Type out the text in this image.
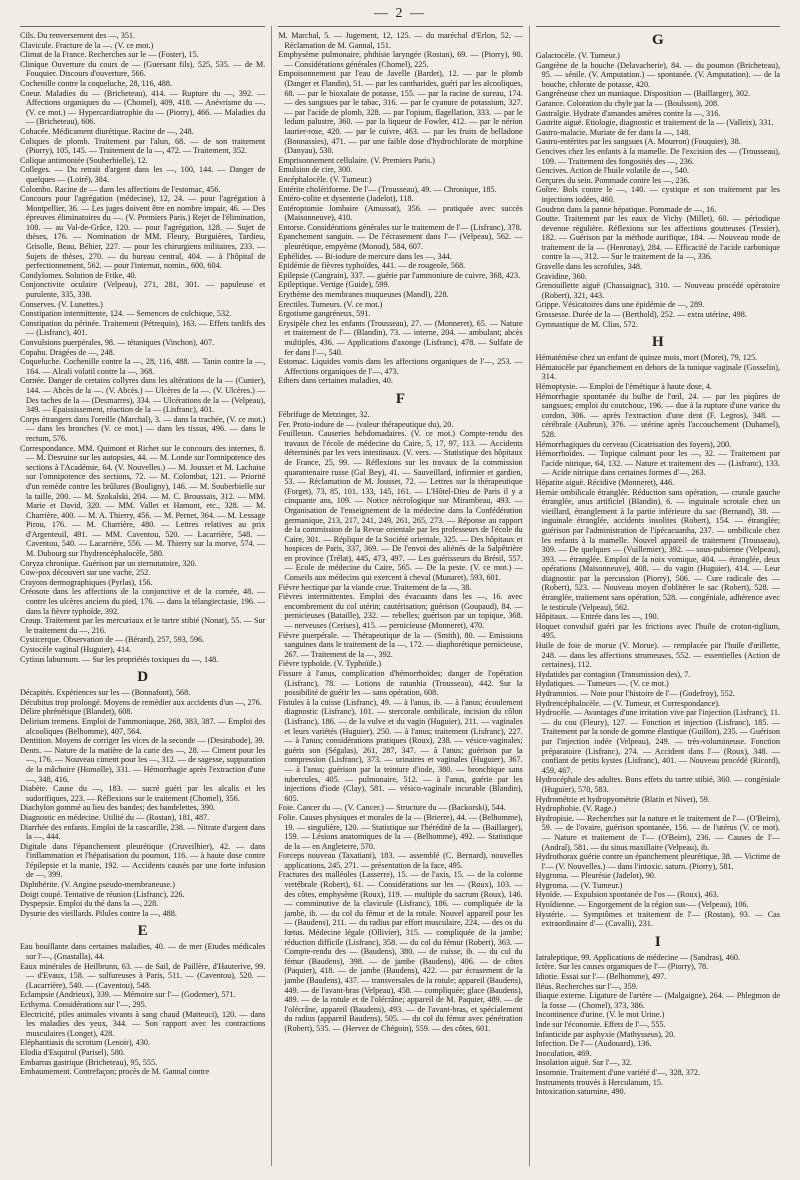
— 2 —

Cils. Du renversement des —, 351.

Clavicule. Fracture de la —. (V. ce mot.)

Climat de la France. Recherches sur le — (Foster), 15.

Clinique Ouverture du cours de — (Guersant fils), 525, 535. — de M. Fouquier. Discours d'ouverture, 566.

Cochenille contre la coqueluche, 28, 116, 488.

Coeur. Maladies du — (Bricheteau), 414. — Rupture du —, 392. — Affections organiques du — (Chomel), 409, 418. — Anévrisme du —. (V. ce mot.) — Hypercardiatrophie du — (Piorry), 466. — Maladies du — (Bricheteau), 606.

Cohacée. Médicament diurétique. Racine de —, 248.

Coliques de plomb. Traitement par l'alun, 68. — de son traitement (Piorry), 105, 145. — Traitement de la —, 472. — Traitement, 352.

Colique antimoniée (Souberbielle), 12.

Colleges. — Du retrait d'argent dans les —, 100, 144. — Danger de quelques — (Loiré), 384.

Colombo. Racine de — dans les affections de l'estomac, 456.

Concours pour l'agrégation (médecine), 12, 24. — pour l'agrégation à Montpellier, 36. — Les juges doivent être en nombre impair, 46. — Des épreuves éliminatoires du —. (V. Premiers Paris.) Rejet de l'élimination, 108. — au Val-de-Grâce, 120. — pour l'agrégation, 128. — Sujet de thèses, 176. — Nomination de MM. Fleury, Burguières, Tardieu, Grisolle, Beau, Béhier, 227. — pour les chirurgiens militaires, 233. — Sujets de thèses, 270. — du bureau central, 404. — à l'hôpital de perfectionnement, 562. — pour l'internat, nomin., 600, 604.

Condylomes. Solution de Frike, 40.

Conjonctivite oculaire (Velpeau), 271, 281, 301. — papuleuse et purulente, 335, 338.

Conserves. (V. Lunettes.)

Constipation intermittente, 124. — Semences de colchique, 532.

Constipation du périnée. Traitement (Pétrequin), 163. — Effets tardifs des — (Lisfranc), 401.

Convulsions puerpérales, 98. — tétaniques (Vinchon), 407.

Copahu. Dragées de —, 248.

Coqueluche. Cochenille contre la —, 28, 116, 488. — Tanin contre la —, 164. — Alcali volatil contre la —, 368.

Cornée. Danger de certains collyres dans les altérations de la — (Cunier), 144. — Abcès de la —. (V. Abcès.) — Ulcères de la —. (V. Ulcères.) — Des taches de la — (Desmarres), 334. — Ulcérations de la — (Velpeau), 349. — Epaississement, réaction de la — (Lisfranc), 401.

Corps étrangers dans l'oreille (Marchal), 3. — dans la trachée, (V. ce mot.) — dans les bronches (V. ce mot.) — dans les tissus, 496. — dans le rectum, 576.

Correspondance. MM. Quimont et Richet sur le concours des internes, 8. — M. Desruine sur les autopsies, 44. — M. Londe sur l'omnipotence des sections à l'Académie, 64. (V. Nouvelles.) — M. Jousset et M. Lachaise sur l'omnipotence des sections, 72. — M. Colombat, 121. — Priorité d'un remède contre les brûlures (Bouligny), 146. — M. Souberbielle sur la taille, 200. — M. Szokalski, 204. — M. C. Broussais, 312. — MM. Marie et David, 320. — MM. Vallet et Hamont, etc., 328. — M. Charrière, 400. — M. A. Thierry, 456. — M. Pernet, 364. — M. Lessage Pirou, 176. — M. Charrière, 480. — Lettres relatives au prix d'Argenteuil, 491. — MM. Caventou, 520. — Lacarrière, 548. — Caventou, 540. — Lacarrière, 556. — M. Thierry sur la morve, 574. — M. Dubourg sur l'hydrencéphalocèle, 580.

Coryza chronique. Guérison par un sternutatoire, 320.

Cow-pox découvert sur une vache, 252.

Crayons dermographiques (Pyrlas), 156.

Créosote dans les affections de la conjonctive et de la cornée, 48. — contre les ulcères anciens du pied, 176. — dans la télangiectasie, 196. — dans la fièvre typhoïde, 392.

Croup. Traitement par les mercuriaux et le tartre stibié (Nonat), 55. — Sur le traitement du —, 216.

Cysticerque. Observation de — (Bérard), 257, 593, 596.

Cystocèle vaginal (Huguier), 414.

Cytisus laburnum. — Sur les propriétés toxiques du —, 148.

D

Décapités. Expériences sur les — (Bonnafont), 568.

Décubitus trop prolongé. Moyens de remédier aux accidents d'un —, 276.

Délire phrénétique (Blandet), 608.

Delirium tremens. Emploi de l'ammoniaque, 268, 383, 387. — Emploi des alcooliques (Belhomme), 407, 564.

Dentition. Moyens de corriger les vices de la seconde — (Desirabode), 39.

Dents. — Nature de la matière de la carie des —, 28. — Ciment pour les —, 176. — Nouveau ciment pour les —, 312. — de sagesse, suppuration de la mâchoire (Homolle), 331. — Hémorrhagie après l'extraction d'une —, 348, 416.

Diabète. Cause du —, 183. — sucré guéri par les alcalis et les sudorifiques, 223. — Réflexions sur le traitement (Chomel), 356.

Diachylon gommé au lieu des bandes; des bandelettes, 390.

Diagnostic en médecine. Utilité du — (Rostan), 181, 487.

Diarrhée des enfants. Emploi de la cascarille, 238. — Nitrate d'argent dans la —, 444.

Digitale dans l'épanchement pleurétique (Cruveilhier), 42. — dans l'inflammation et l'hépatisation du poumon, 116. — à haute dose contre l'épilepsie et la manie, 192. — Accidents causés par une forte infusion de —, 399.

Diphthérite. (V. Angine pseudo-membraneuse.)

Doigt coupé. Tentative de réunion (Lisfranc), 226.

Dyspepsie. Emploi du thé dans la —, 228.

Dysurie des vieillards. Pilules contre la —, 488.

E

Eau bouillante dans certaines maladies, 40. — de mer (Etudes médicales sur l'—, (Gnastalla), 44.

Eaux minérales de Heilbrunn, 63. — de Sail, de Paillère, d'Hauterive, 99. — d'Evaux, 158. — sulfureuses à Paris, 511. — (Caventou), 520. — (Lacarrière), 540. — (Caventou), 548.

Eclampsie (Andrieux), 339. — Mémoire sur l'— (Godemer), 571.

Ecthyma. Considérations sur l'—, 295.

Electricité, piles animales vivants à sang chaud (Matteuci), 120. — dans les maladies des yeux, 344. — Son rapport avec les contractions musculaires (Longet), 428.

Eléphantiasis du scrotum (Lenoir), 430.

Elodia d'Esquirol (Parisel), 580.

Embarras gastrique (Bricheteau), 95, 555.

Embaumement. Contrefaçon; procès de M. Gannal contre

M. Marchal, 5. — Jugement, 12, 125. — du maréchal d'Erlon, 52. — Réclamation de M. Gannal, 151.

Emphysème pulmonaire, phthisie laryngée (Rostan), 69. — (Piorry), 90. — Considérations générales (Chomel), 225.

Empoisonnement par l'eau de Javelle (Bardet), 12. — par le plomb (Danger et Flandin), 51. — par les cantharides, guéri par les alcooliques, 68. — par le bioxalate de potasse, 155. — par la racine de sureau, 174. — des sangsues par le tabac, 316. — par le cyanure de potassium, 327. — par l'acide de plomb, 328. — par l'opium, flagellation, 333. — par le ledum palustre, 360. — par la liqueur de Fowler, 412. — par le nérion laurier-rose, 420. — par le cuivre, 463. — par les fruits de belladone (Bonnassies), 471. — par une faible dose d'hydrochlorate de morphine (Danyau), 530.

Emprisonnement cellulaire. (V. Premiers Paris.)

Emulsion de cire, 300.

Encéphalocèle. (V. Tumeur.)

Entérite cholériforme. De l'— (Trousseau), 49. — Chronique, 185.

Entéro-colite et dysenterie (Jadelot), 118.

Entéroptomie lombaire (Amussat), 356. — pratiquée avec succès (Maisonneuve), 410.

Entorse. Considérations générales sur le traitement de l'— (Lisfranc), 378.

Epanchement sanguin. — De l'écrasement dans l'— (Velpeau), 562. — pleurétique, empyème (Monod), 584, 607.

Ephélides. — Bi-iodure de mercure dans les —, 344.

Epidémie de fièvres typhoïdes, 441. — de rougeole, 568.

Epilepsie (Cangrain), 337. — guérie par l'ammoniure de cuivre, 368, 423.

Epileptique. Vertige (Guide), 599.

Erythème des membranes muqueuses (Mandl), 228.

Erectiles. Tumeurs. (V. ce mot.)

Ergotisme gangréneux, 591.

Erysipèle chez les enfants (Trousseau), 27. — (Monneret), 65. — Nature et traitement de l'— (Blandin), 73. — interne, 204. — ambulant; abcès multiples, 436. — Applications d'axonge (Lisfranc), 478. — Sulfate de fer dans l'—, 540.

Estomac. Liquides vomis dans les affections organiques de l'—, 253. — Affections organiques de l'—, 473.

Ethers dans certaines maladies, 40.

F

Fébrifuge de Metzinger, 32.

Fer. Proto-iodure de — (valeur thérapeutique du), 20.

Feuilleton. Causeries hebdomadaires. (V. ce mot.) Compte-rendu des travaux de l'école de médecine du Caire, 5, 17, 97, 113. — Accidents déterminés par les vers intestinaux. (V. vers. — Statistique des hôpitaux de France, 25, 99. — Réflexions sur les travaux de la commission quarantenaire russe (Gal Bey), 41. — Sauveillard, infirmier et gardien, 53. — Réclamation de M. Jousset, 72. — Lettres sur la thérapeutique (Forget), 73, 85, 101, 133, 145, 161. — L'Hôtel-Dieu de Paris il y a cinquante ans, 109. — Notice nécrologique sur Mirambeau, 493. — Organisation de l'enseignement de la médecine dans la Confédération germanique, 213, 217, 241, 249, 261, 265, 273. — Réponse au rapport de la commission de la Revue orientale par les professeurs de l'école du Caire, 301. — Réplique de la Société orientale, 325. — Des hôpitaux et hospices de Paris, 337, 369. — De l'envoi des aliénés de la Salpêtrière en province (Trélat), 445, 473, 497. — Les guérisseurs du Brésil, 557. — Ecole de médecine du Caire, 565. — De la peste. (V. ce mot.) — Conseils aux médecins qui exercent à cheval (Munaret), 593, 601.

Fièvre hectique par la viande crue. Traitement de la —, 38.

Fièvres intermittentes. Emploi des évacuants dans les —, 16. avec encombrement du col utérin; cautérisation; guérison (Goupaud), 84. — pernicieuses (Bataille), 232. — rebelles; guérison par un topique, 368. — nerveuses (Cerises), 415. — pernicieuse (Monneret), 470.

Fièvre puerpérale. — Thérapeutique de la — (Smith), 80. — Emissions sanguines dans le traitement de la —, 172. — diaphorétique pernicieuse, 267. — Traitement de la —, 392.

Fièvre typhoïde. (V. Typhoïde.)

Fissure à l'anus, complication d'hémorrhoïdes; danger de l'opération (Lisfranc), 78. — Lotions de ratanhia (Trousseau), 442. Sur la possibilité de guérir les — sans opération, 608.

Fistules à la cuisse (Lisfranc), 49. — à l'anus, ib. — à l'anus; écoulement diagnostic (Lisfranc), 101. — stercorale ombilicale, incision du côlon (Lisfranc), 186. — de la vulve et du vagin (Huguier), 211. — vaginales et leurs variétés (Huguier), 250. — à l'anus; traitement (Lisfranc), 227. — à l'anus; considérations pratiques (Roux), 238. — vésico-vaginales; guéris son (Ségalas), 261, 287, 347. — à l'anus; guérison par la compression (Lisfranc), 373. — urinaires et vaginales (Huguier), 367. — à l'anus; guérison par la teinture d'iode, 380. — bronchique sans tubercules, 405. — pulmonaire, 512. — à l'anus, guérie par les injections d'iode (Clay), 581. — vésico-vaginale incurable (Blandin), 605.

Foie. Cancer du —. (V. Cancer.) — Structure du — (Backorski), 544.

Folie. Causes physiques et morales de la — (Brierre), 44. — (Belhomme), 19. — singulière, 120. — Statistique sur l'hérédité de la — (Baillarger), 159. — Lésions anatomiques de la — (Belhomme), 492. — Statistique de la — en Angleterre, 570.

Forceps nouveau (Taxatiani), 183. — assemblé (C. Bernard), nouvelles applications, 245, 271. — présentation de la face, 495.

Fractures des malléoles (Lasserre), 15. — de l'axis, 15. — de la colonne vertébrale (Robert), 61. — Considérations sur les — (Roux), 103. — des côtes, emphysème (Roux), 119. — multiple du sacrum (Roux), 146. — comminutive de la clavicule (Lisfranc), 186. — compliquée de la jambe, ib. — du col du fémur et de la rotule. Nouvel appareil pour les — (Baudens), 211. — du radius par effort musculaire, 224. — des os du fœtus. Médecine légale (Ollivier), 315. — compliquée de la jambe; réduction difficile (Lisfranc), 358. — du col du fémur (Robert), 363. — Compte-rendu des — (Baudens), 380. — de cuisse, ib. — du col du fémur (Baudens), 398. — de jambe (Baudens), 406. — de côtes (Paquier), 418. — de jambe (Baudens), 422. — par écrasement de la jambe (Baudens), 437. — transversales de la rotule; appareil (Baudens), 449. — de l'avant-bras (Velpeau), 458. — compliquée; glace (Baudens), 489. — de la rotule et de l'olécrâne; appareil de M. Paquier, 489. — de l'olécrâne, appareil (Baudens), 493. — de l'avant-bras, et spécialement du radius (appareil Baudens), 505. — du col du fémur avec pénétration (Robert), 535. — (Hervez de Chégoin), 559. — des côtes, 601.

G

Galactocèle. (V. Tumeur.)

Gangrène de la bouche (Delavacherie), 84. — du poumon (Bricheteau), 95. — sénile. (V. Amputation.) — spontanée. (V. Amputation). — de la bouche, chlorate de potasse, 420.

Gangréneuse chez un maniaque. Disposition — (Baillarger), 302.

Garance. Coloration du chyle par la — (Boulsson), 208.

Gastralgie. Hydrate d'amandes amères contre la —, 316.

Gastrite aiguë. Etiologie, diagnostic et traitement de la — (Valleix), 331.

Gastro-malacie. Muriate de fer dans la —, 148.

Gastro-entérites par les sangsues (A. Mourron) (Fouquier), 38.

Gencives chez les enfants à la mamelle. De l'excision des — (Trousseau), 109. — Traitement des fongosités des —, 236.

Gencives. Action de l'huile volatile de —, 540.

Gerçures du sein. Pommade contre les —, 236.

Goître. Bols contre le —, 140. — cystique et son traitement par les injections iodées, 460.

Goudron dans la panne hépatique. Pommade de —, 16.

Goutte. Traitement par les eaux de Vichy (Millet), 60. — périodique devenue régulière. Réflexions sur les affections goutteuses (Tessier), 182. — Guérison par la méthode aurifique, 184. — Nouveau mode de traitement de la — (Henrotay), 284. — Efficacité de l'acide carbonique contre la —, 312. — Sur le traitement de la —, 336.

Gravelle dans les scrofules, 348.

Gravidine, 360.

Grenouillette aiguë (Chassaignac), 310. — Nouveau procédé opératoire (Robert), 321, 443.

Grippe. Vésicatoires dans une épidémie de —, 289.

Grossesse. Durée de la — (Berthold), 252. — extra utérine, 498.

Gymnastique de M. Clias, 572.

H

Hématémèse chez un enfant de quinze mois, mort (Moret), 79, 125.

Hématocèle par épanchement en dehors de la tunique vaginale (Gosselin), 314.

Hémoptysie. — Emploi de l'émétique à haute dose, 4.

Hémorrhagie spontanée du bulbe de l'œil, 24. — par les piqûres de sangsues; emploi du coutchouc, 196. — due à la rupture d'une varice du cordon, 306. — après l'extraction d'une dent (F. Legros), 348. — cérébrale (Aubrun), 376. — utérine après l'accouchement (Duhamel), 528.

Hémorrhagiques du cerveau (Cicatrisation des foyers), 200.

Hémorrhoïdes. — Topique calmant pour les —, 32. — Traitement par l'acide nitrique, 64, 132. — Nature et traitement des — (Lisfranc), 133. — Acide nitrique dans certaines formes d'—, 263.

Hépatite aiguë. Récidive (Monneret), 446.

Hernie ombilicale étranglée. Réduction sans opération, — crurale gauche étranglée, anus artificiel (Blandin), 6. — inguinale scrotale chez un vieillard, étranglement à la partie inférieure du sac (Bernand), 38. — inguinale étranglée, accidents insolites (Robert), 154. — étranglée; guérison par l'administration de l'ipécacuanha, 237. — ombilicale chez les enfants à la mamelle. Nouvel appareil de traitement (Trousseau), 309. — De quelques — (Vuillemier), 392. — sous-pubienne (Velpeau), 393. — étranglée. Emploi de la noix vomique, 404. — étranglée, deux opérations (Maisonneuve), 408. — du vagin (Huguier), 414. — Leur diagnostic par la percussion (Piorry), 506. — Cure radicale des — (Robert), 523. — Nouveau moyen d'oblitérer le sac (Robert), 528. — étranglée, traitement sans opération, 528. — congéniale, adhérence avec le testicule (Velpeau), 562.

Hôpitaux. — Entrée dans les —, 190.

Hoquet convulsif guéri par les frictions avec l'huile de croton-tiglium, 495.

Huile de foie de morue (V. Morue). — remplacée par l'huile d'œillette, 248. — dans les affections strumeuses, 552. — essentielles (Action de certaines), 112.

Hydatides par contagion (Transmission des), 7.

Hydatiques. — Tumeurs —. (V. ce mot.)

Hydramnios. — Note pour l'histoire de l'— (Godefroy), 552.

Hydrencéphalocèle. — (V. Tumeur, et Correspondance).

Hydrocèle. — Avantages d'une irritation vive par l'injection (Lisfranc), 11. — du cou (Fleury), 127. — Fonction et injection (Lisfranc), 185. — Traitement par la sonde de gomme élastique (Guillon), 235. — Guérison par l'injection iodée (Velpeau), 249. — très-volumineuse. Fonction préparatoire (Lisfranc), 274. — Accident dans l'— (Roux), 348. — confiant de petits kystes (Lisfranc), 401. — Nouveau procédé (Ricord), 459, 467.

Hydrocéphale des adultes. Bons effets du tartre stibié, 360. — congéniale (Huguier), 570, 583.

Hydrométrie et hydropyométrie (Blatin et Nivet), 59.

Hydrophobie. (V. Rage.)

Hydropisie. — Recherches sur la nature et le traitement de l'— (O'Beirn), 59. — de l'ovaire, guérison spontanée, 156. — de l'utérus (V. ce mot). — Nature et traitement de l'— (O'Beirn), 236. — Causes de l'— (Andral), 581. — du sinus maxillaire (Velpeau), ib.

Hydrothorax guérie contre un épanchement pleurétique, 38. — Victime de l'— (V. Nouvelles.) — dans l'intoxic. saturn. (Piorry), 581.

Hygroma. — Pleurésie (Jadelot), 90.

Hygroma. — (V. Tumeur.)

Hyoïde. — Expulsion spontanée de l'os — (Roux), 463.

Hyoïdienne. — Engorgement de la région sus-— (Velpeau), 106.

Hystérie. — Symptômes et traitement de l'— (Rostan), 93. — Cas extraordinaire d'— (Cavalli), 231.

I

Iatraleptique, 99. Applications de médecine — (Sandras), 460.

Ictère. Sur les causes organiques de l'— (Piorry), 78.

Idiotie. Essai sur l'— (Belhomme), 497.

Iléus. Recherches sur l'—, 359.

Iliaque externe. Ligature de l'artère — (Malgaigne), 264. — Phlegmon de la fosse — (Chomel), 373, 386.

Incontinence d'urine. (V. le mot Urine.)

Inde sur l'économie. Effets de l'—, 555.

Infanticide par asphyxie (Mathysseus), 20.

Infection. De l'— (Audouard), 136.

Inoculation, 469.

Insolation aiguë. Sur l'—, 32.

Insomnie. Traitement d'une variété d'—, 328, 372.

Instruments trouvés à Herculanum, 15.

Intoxication saturnine, 490.
